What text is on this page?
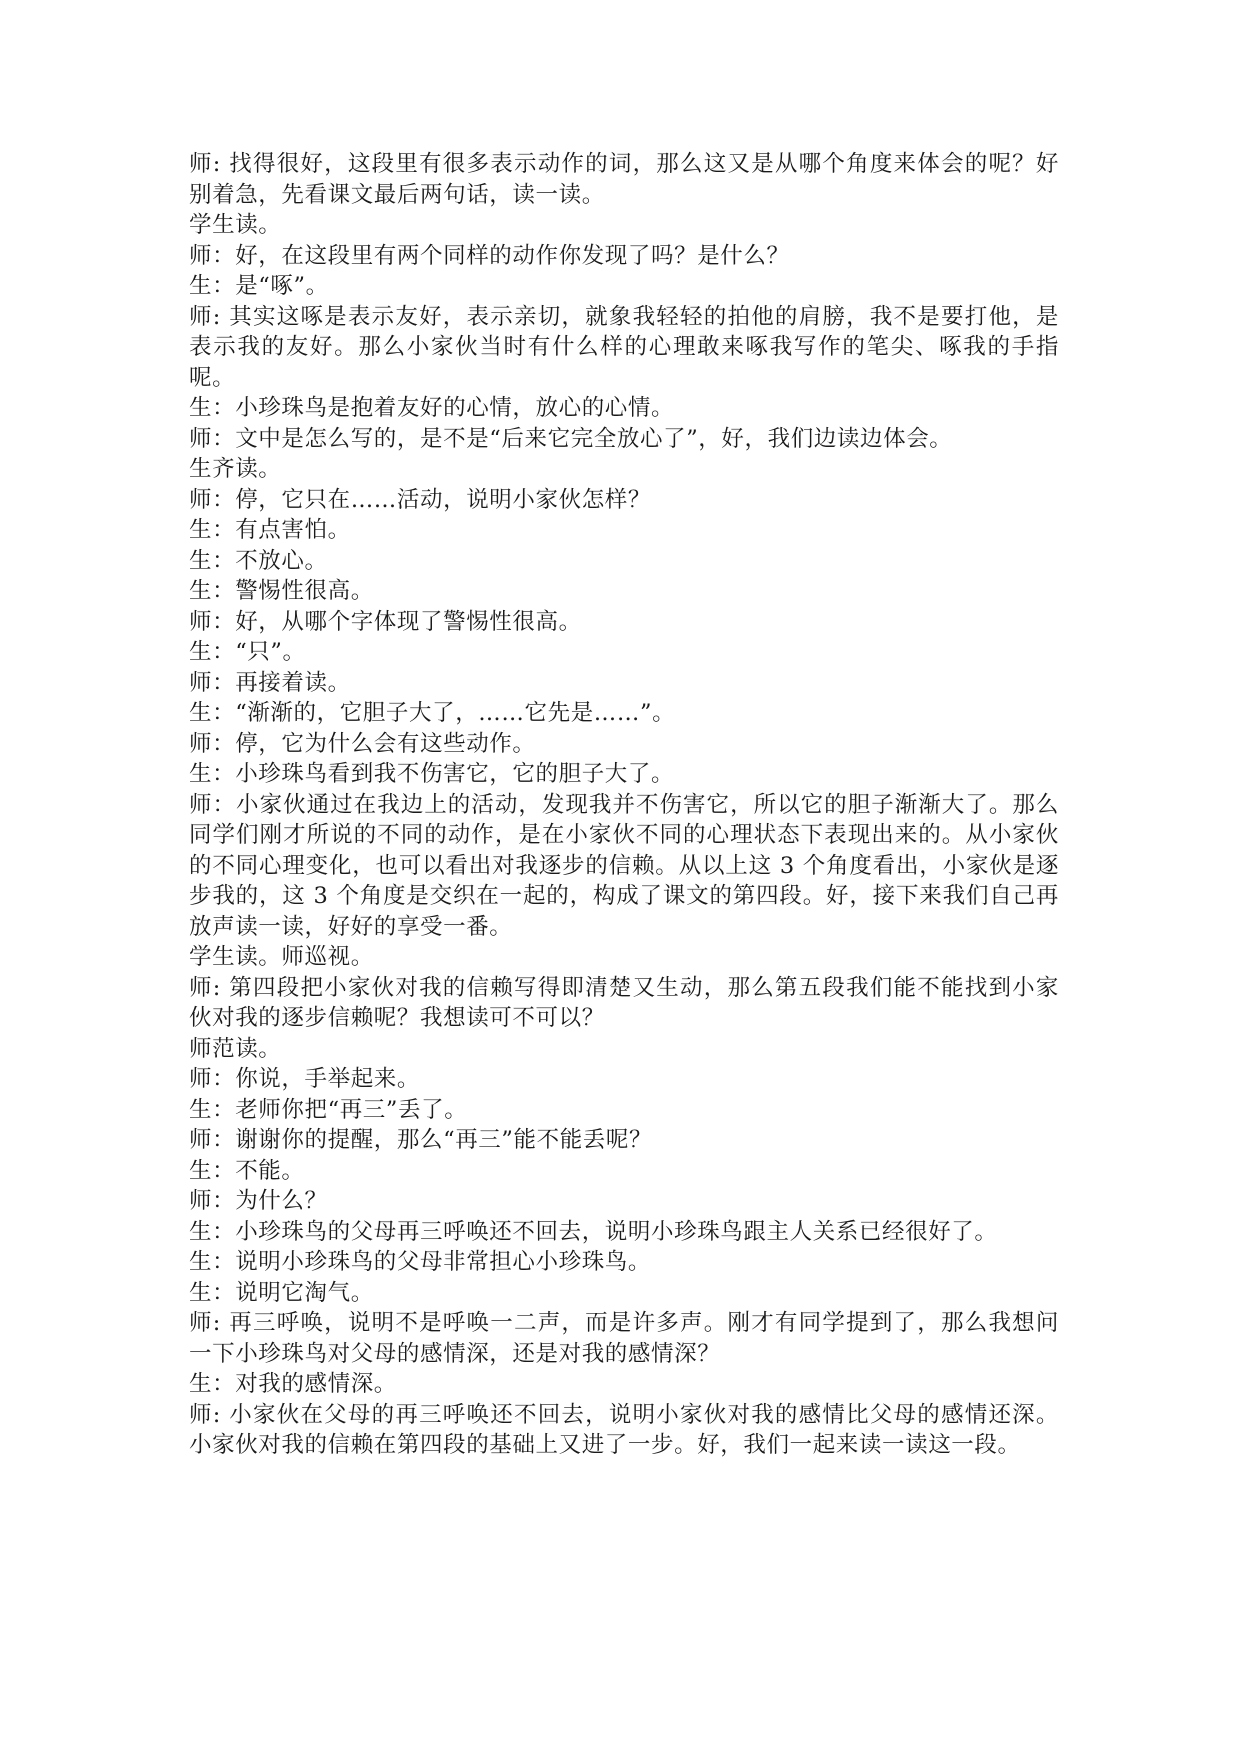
师: 找得很好，这段里有很多表示动作的词，那么这又是从哪个角度来体会的呢？好别着急，先看课文最后两句话，读一读。

学生读。

师：好，在这段里有两个同样的动作你发现了吗？是什么？

生：是“啄”。

师: 其实这啄是表示友好，表示亲切，就象我轻轻的拍他的肩膀，我不是要打他，是表示我的友好。那么小家伙当时有什么样的心理敢来啄我写作的笔尖、啄我的手指呢。

生：小珍珠鸟是抱着友好的心情，放心的心情。

师：文中是怎么写的，是不是“后来它完全放心了”，好，我们边读边体会。

生齐读。

师：停，它只在……活动，说明小家伙怎样？

生：有点害怕。

生：不放心。

生：警惕性很高。

师：好，从哪个字体现了警惕性很高。

生：“只”。

师：再接着读。

生：“渐渐的，它胆子大了，……它先是……”。

师：停，它为什么会有这些动作。

生：小珍珠鸟看到我不伤害它，它的胆子大了。

师：小家伙通过在我边上的活动，发现我并不伤害它，所以它的胆子渐渐大了。那么同学们刚才所说的不同的动作，是在小家伙不同的心理状态下表现出来的。从小家伙的不同心理变化，也可以看出对我逐步的信赖。从以上这 3 个角度看出，小家伙是逐步我的，这 3 个角度是交织在一起的，构成了课文的第四段。好，接下来我们自己再放声读一读，好好的享受一番。

学生读。师巡视。

师: 第四段把小家伙对我的信赖写得即清楚又生动，那么第五段我们能不能找到小家伙对我的逐步信赖呢？我想读可不可以？

师范读。

师：你说，手举起来。

生：老师你把“再三”丢了。

师：谢谢你的提醒，那么“再三”能不能丢呢？

生：不能。

师：为什么？

生：小珍珠鸟的父母再三呼唤还不回去，说明小珍珠鸟跟主人关系已经很好了。

生：说明小珍珠鸟的父母非常担心小珍珠鸟。

生：说明它淘气。

师: 再三呼唤，说明不是呼唤一二声，而是许多声。刚才有同学提到了，那么我想问一下小珍珠鸟对父母的感情深，还是对我的感情深？

生：对我的感情深。

师: 小家伙在父母的再三呼唤还不回去，说明小家伙对我的感情比父母的感情还深。小家伙对我的信赖在第四段的基础上又进了一步。好，我们一起来读一读这一段。
